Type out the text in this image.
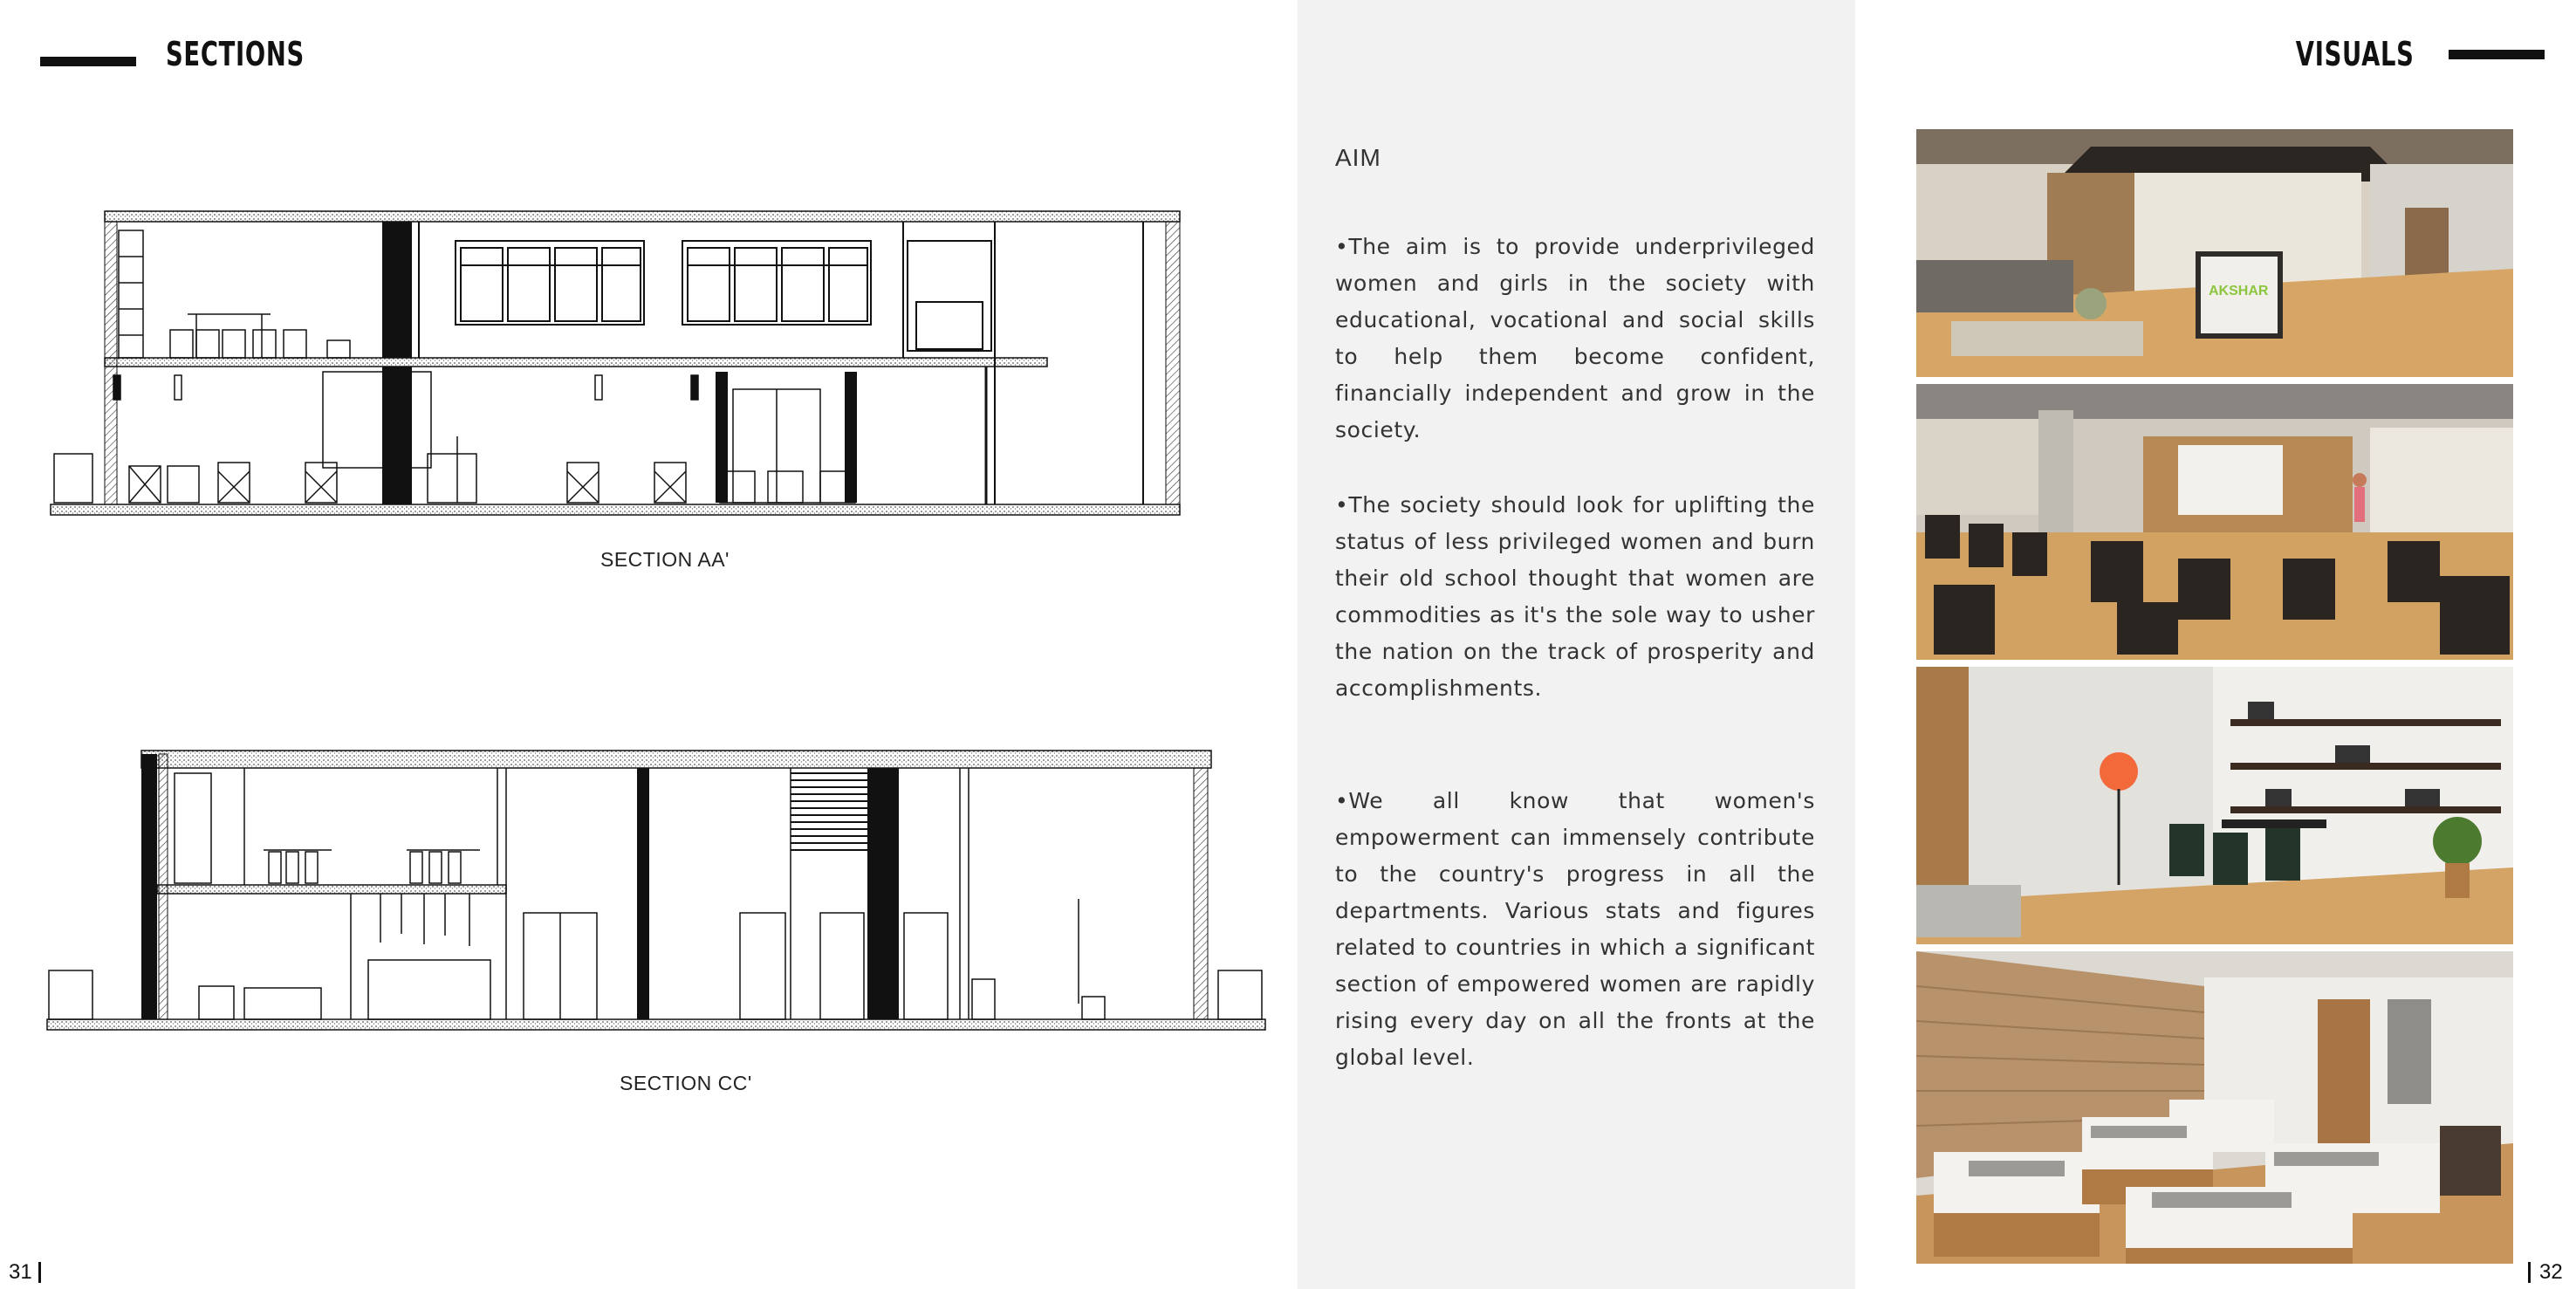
SECTIONS	VISUALS
SECTION AA'
SECTION CC'
31	32
AIM
•The aim is to provide underprivileged women and girls in the society with educational, vocational and social skills to help them become confident, financially independent and grow in the society.
•The society should look for uplifting the status of less privileged women and burn their old school thought that women are commodities as it's the sole way to usher the nation on the track of prosperity and accomplishments.
•We all know that women's empowerment can immensely contribute to the country's progress in all the departments. Various stats and figures related to countries in which a significant section of empowered women are rapidly rising every day on all the fronts at the global level.
AKSHAR
